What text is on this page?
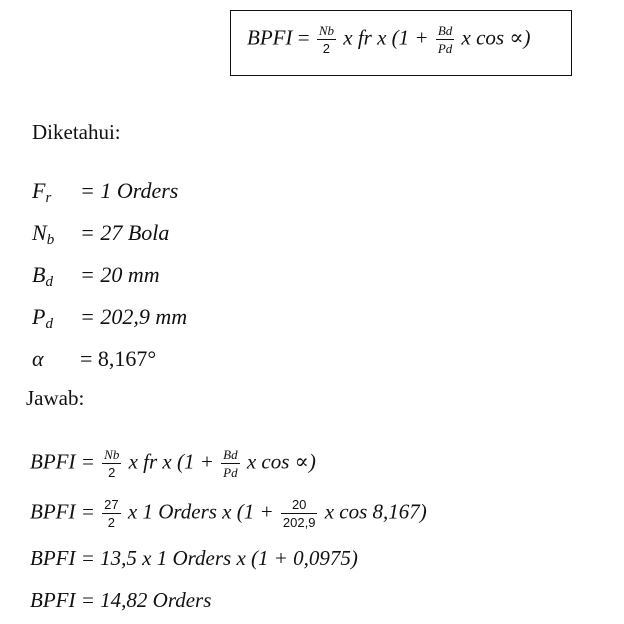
BPFI = $\frac{Nb}{2}$ x fr x ($1 + \frac{Bd}{Pd}$ x cos ∝)
Diketahui:
$F_r = 1$ Orders
$N_b = 27$ Bola
$B_d = 20$ mm
$P_d = 202,9$ mm
α = 8,167°
Jawab:
BPFI = $\frac{Nb}{2}$ x fr x ($1 + \frac{Bd}{Pd}$ x cos ∝)
BPFI = $\frac{27}{2}$ x 1 Orders x ($1 + \frac{20}{202,9}$ x cos 8,167)
BPFI = 13,5 x 1 Orders x (1 + 0,0975)
BPFI = 14,82 Orders
